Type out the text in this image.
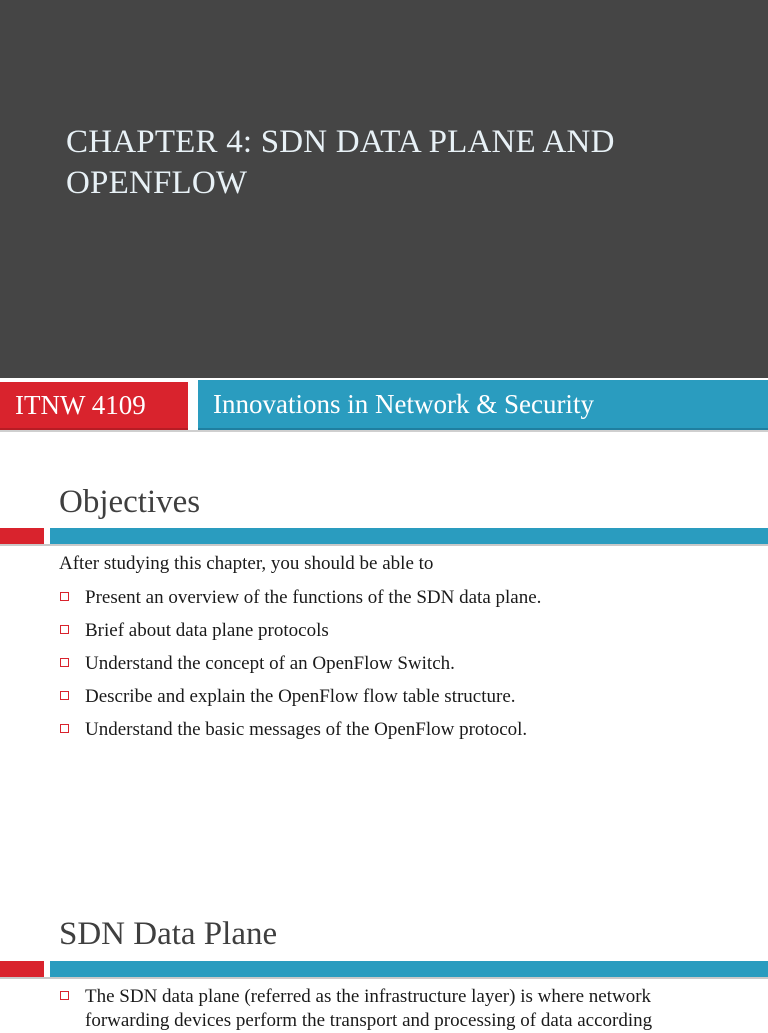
CHAPTER 4: SDN DATA PLANE AND OPENFLOW
ITNW 4109	Innovations in Network & Security
Objectives

After studying this chapter, you should be able to

Present an overview of the functions of the SDN data plane.
Brief about data plane protocols
Understand the concept of an OpenFlow Switch.
Describe and explain the OpenFlow flow table structure.
Understand the basic messages of the OpenFlow protocol.
SDN Data Plane
The SDN data plane (referred as the infrastructure layer) is where network forwarding devices perform the transport and processing of data according
